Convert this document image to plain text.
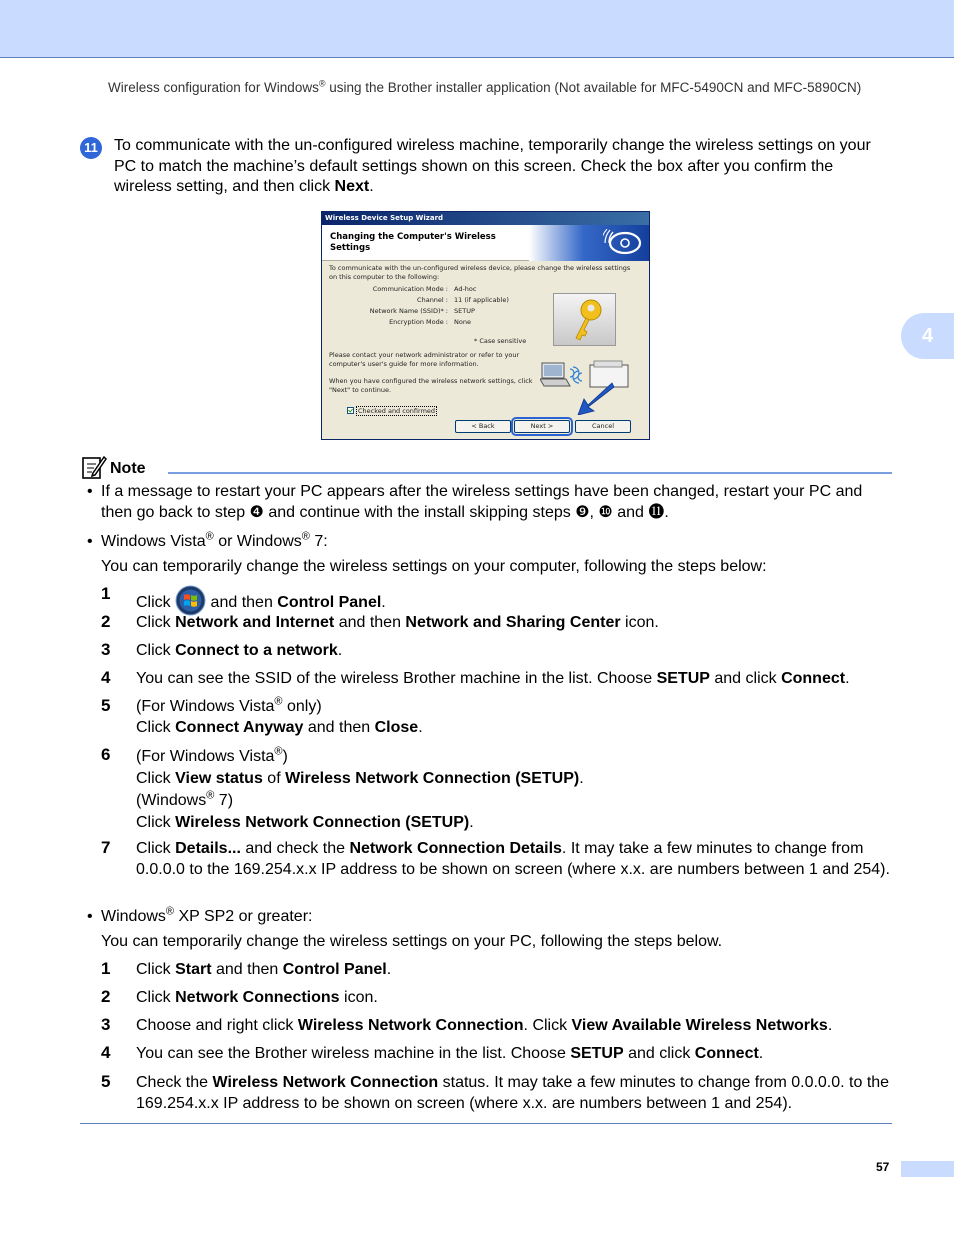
Wireless configuration for Windows® using the Brother installer application (Not available for MFC-5490CN and MFC-5890CN)
4
11 To communicate with the un-configured wireless machine, temporarily change the wireless settings on your PC to match the machine’s default settings shown on this screen. Check the box after you confirm the wireless setting, and then click Next.
Wireless Device Setup Wizard
Changing the Computer's Wireless
Settings
To communicate with the un-configured wireless device, please change the wireless settings on this computer to the following:
Communication Mode : Ad-hoc
Channel : 11 (if applicable)
Network Name (SSID)* : SETUP
Encryption Mode : None
* Case sensitive
Please contact your network administrator or refer to your computer's user's guide for more information.
When you have configured the wireless network settings, click "Next" to continue.
Checked and confirmed
< Back	Next >	Cancel
Note
• If a message to restart your PC appears after the wireless settings have been changed, restart your PC and then go back to step ❹ and continue with the install skipping steps ❾, ❿ and ⓫.
• Windows Vista® or Windows® 7:
You can temporarily change the wireless settings on your computer, following the steps below:
1 Click  and then Control Panel.
2 Click Network and Internet and then Network and Sharing Center icon.
3 Click Connect to a network.
4 You can see the SSID of the wireless Brother machine in the list. Choose SETUP and click Connect.
5 (For Windows Vista® only)
Click Connect Anyway and then Close.
6 (For Windows Vista®)
Click View status of Wireless Network Connection (SETUP).
(Windows® 7)
Click Wireless Network Connection (SETUP).
7 Click Details... and check the Network Connection Details. It may take a few minutes to change from 0.0.0.0 to the 169.254.x.x IP address to be shown on screen (where x.x. are numbers between 1 and 254).
• Windows® XP SP2 or greater:
You can temporarily change the wireless settings on your PC, following the steps below.
1 Click Start and then Control Panel.
2 Click Network Connections icon.
3 Choose and right click Wireless Network Connection. Click View Available Wireless Networks.
4 You can see the Brother wireless machine in the list. Choose SETUP and click Connect.
5 Check the Wireless Network Connection status. It may take a few minutes to change from 0.0.0.0. to the 169.254.x.x IP address to be shown on screen (where x.x. are numbers between 1 and 254).
57
